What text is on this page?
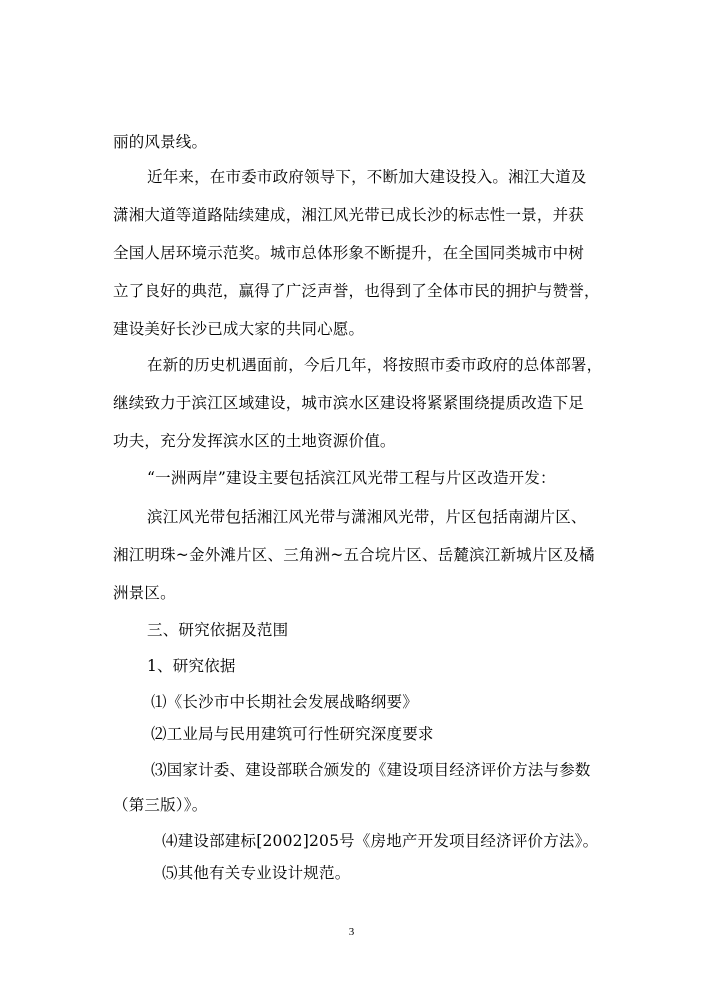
丽的风景线。
近年来，在市委市政府领导下，不断加大建设投入。湘江大道及
潇湘大道等道路陆续建成，湘江风光带已成长沙的标志性一景，并获
全国人居环境示范奖。城市总体形象不断提升，在全国同类城市中树
立了良好的典范，赢得了广泛声誉，也得到了全体市民的拥护与赞誉，
建设美好长沙已成大家的共同心愿。
在新的历史机遇面前，今后几年，将按照市委市政府的总体部署，
继续致力于滨江区域建设，城市滨水区建设将紧紧围绕提质改造下足
功夫，充分发挥滨水区的土地资源价值。
“一洲两岸”建设主要包括滨江风光带工程与片区改造开发：
滨江风光带包括湘江风光带与潇湘风光带，片区包括南湖片区、
湘江明珠~金外滩片区、三角洲~五合垸片区、岳麓滨江新城片区及橘
洲景区。
三、研究依据及范围
1、研究依据
⑴《长沙市中长期社会发展战略纲要》
⑵工业局与民用建筑可行性研究深度要求
⑶国家计委、建设部联合颁发的《建设项目经济评价方法与参数
（第三版）》。
⑷建设部建标[2002]205号《房地产开发项目经济评价方法》。
⑸其他有关专业设计规范。
3
